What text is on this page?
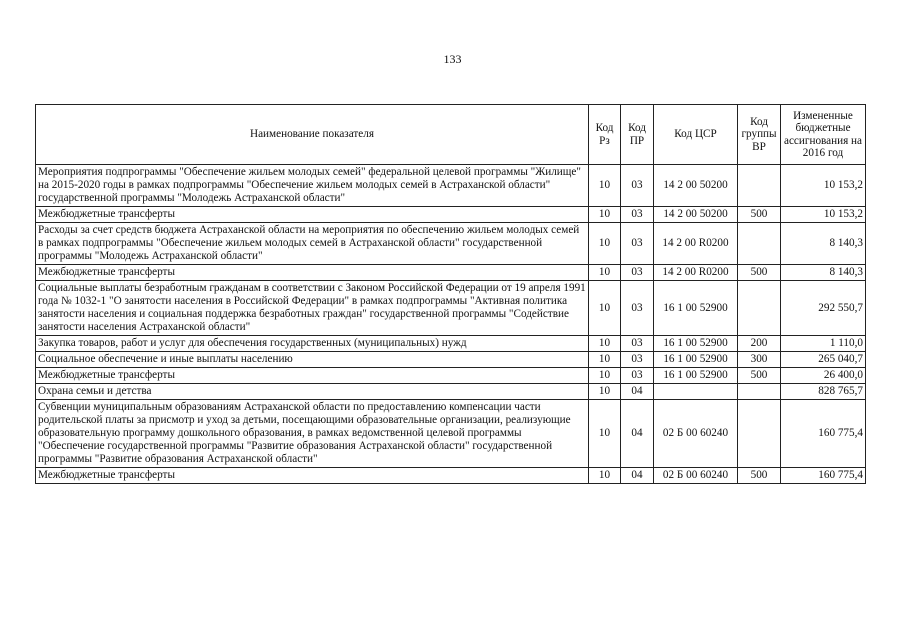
133
Наименование показателя	Код Рз	Код ПР	Код ЦСР	Код группы ВР	Измененные бюджетные ассигнования на 2016 год
Мероприятия подпрограммы "Обеспечение жильем молодых семей" федеральной целевой программы "Жилище" на 2015-2020 годы в рамках подпрограммы "Обеспечение жильем молодых семей в Астраханской области" государственной программы "Молодежь Астраханской области"	10	03	14 2 00 50200		10 153,2
Межбюджетные трансферты	10	03	14 2 00 50200	500	10 153,2
Расходы за счет средств бюджета Астраханской области на мероприятия по обеспечению жильем молодых семей в рамках подпрограммы "Обеспечение жильем молодых семей в Астраханской области" государственной программы "Молодежь Астраханской области"	10	03	14 2 00 R0200		8 140,3
Межбюджетные трансферты	10	03	14 2 00 R0200	500	8 140,3
Социальные выплаты безработным гражданам в соответствии с Законом Российской Федерации от 19 апреля 1991 года № 1032-1 "О занятости населения в Российской Федерации" в рамках подпрограммы "Активная политика занятости населения и социальная поддержка безработных граждан" государственной программы "Содействие занятости населения Астраханской области"	10	03	16 1 00 52900		292 550,7
Закупка товаров, работ и услуг для обеспечения государственных (муниципальных) нужд	10	03	16 1 00 52900	200	1 110,0
Социальное обеспечение и иные выплаты населению	10	03	16 1 00 52900	300	265 040,7
Межбюджетные трансферты	10	03	16 1 00 52900	500	26 400,0
Охрана семьи и детства	10	04			828 765,7
Субвенции муниципальным образованиям Астраханской области по предоставлению компенсации части родительской платы за присмотр и уход за детьми, посещающими образовательные организации, реализующие образовательную программу дошкольного образования, в рамках ведомственной целевой программы "Обеспечение государственной программы "Развитие образования Астраханской области" государственной программы "Развитие образования Астраханской области"	10	04	02 Б 00 60240		160 775,4
Межбюджетные трансферты	10	04	02 Б 00 60240	500	160 775,4
